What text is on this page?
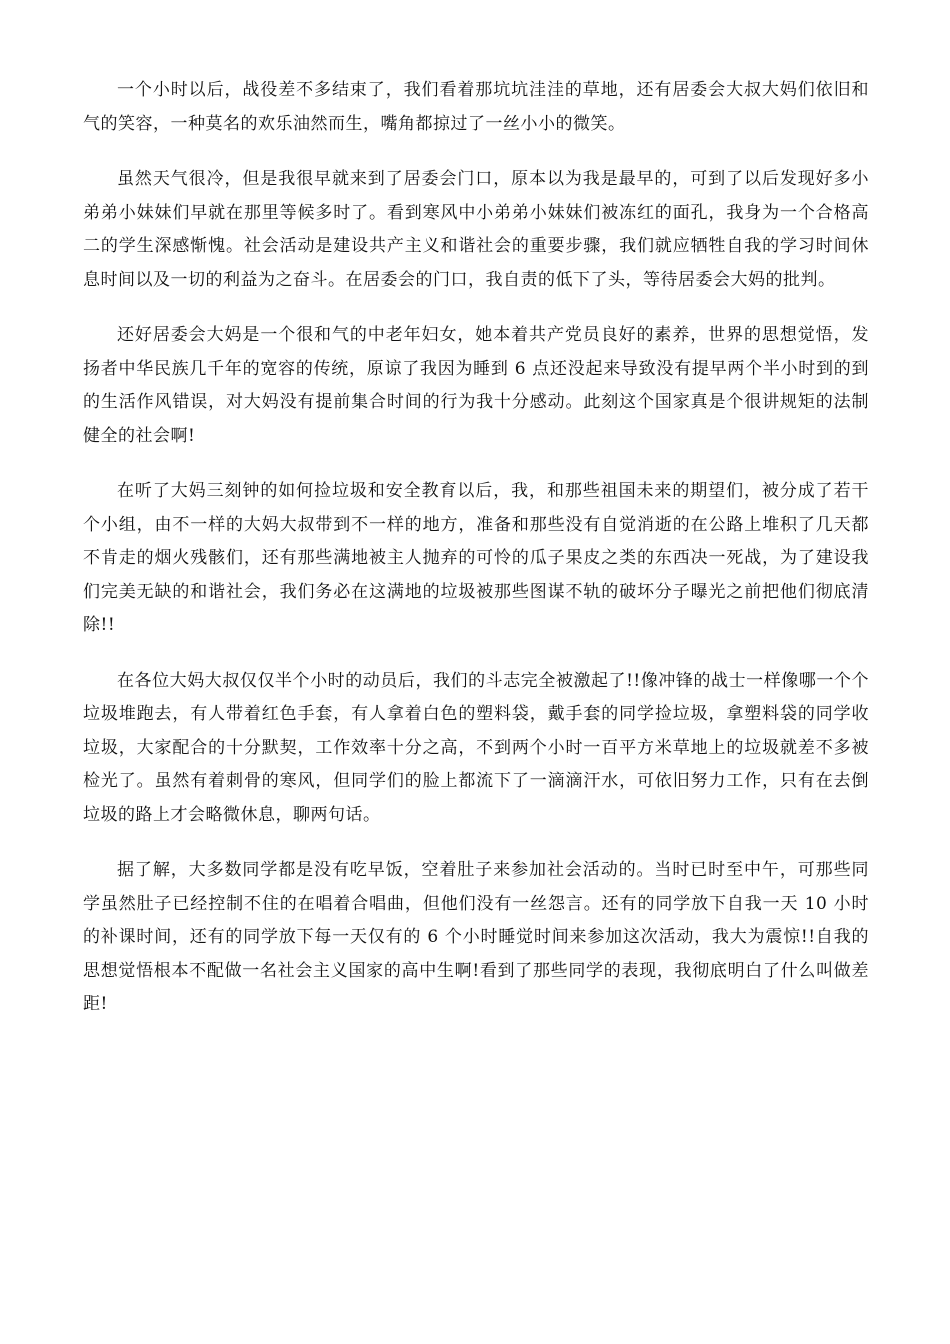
一个小时以后，战役差不多结束了，我们看着那坑坑洼洼的草地，还有居委会大叔大妈们依旧和气的笑容，一种莫名的欢乐油然而生，嘴角都掠过了一丝小小的微笑。

虽然天气很冷，但是我很早就来到了居委会门口，原本以为我是最早的，可到了以后发现好多小弟弟小妹妹们早就在那里等候多时了。看到寒风中小弟弟小妹妹们被冻红的面孔，我身为一个合格高二的学生深感惭愧。社会活动是建设共产主义和谐社会的重要步骤，我们就应牺牲自我的学习时间休息时间以及一切的利益为之奋斗。在居委会的门口，我自责的低下了头，等待居委会大妈的批判。

还好居委会大妈是一个很和气的中老年妇女，她本着共产党员良好的素养，世界的思想觉悟，发扬者中华民族几千年的宽容的传统，原谅了我因为睡到 6 点还没起来导致没有提早两个半小时到的到的生活作风错误，对大妈没有提前集合时间的行为我十分感动。此刻这个国家真是个很讲规矩的法制健全的社会啊!

在听了大妈三刻钟的如何捡垃圾和安全教育以后，我，和那些祖国未来的期望们，被分成了若干个小组，由不一样的大妈大叔带到不一样的地方，准备和那些没有自觉消逝的在公路上堆积了几天都不肯走的烟火残骸们，还有那些满地被主人抛弃的可怜的瓜子果皮之类的东西决一死战，为了建设我们完美无缺的和谐社会，我们务必在这满地的垃圾被那些图谋不轨的破坏分子曝光之前把他们彻底清除!!

在各位大妈大叔仅仅半个小时的动员后，我们的斗志完全被激起了!!像冲锋的战士一样像哪一个个垃圾堆跑去，有人带着红色手套，有人拿着白色的塑料袋，戴手套的同学捡垃圾，拿塑料袋的同学收垃圾，大家配合的十分默契，工作效率十分之高，不到两个小时一百平方米草地上的垃圾就差不多被检光了。虽然有着刺骨的寒风，但同学们的脸上都流下了一滴滴汗水，可依旧努力工作，只有在去倒垃圾的路上才会略微休息，聊两句话。

据了解，大多数同学都是没有吃早饭，空着肚子来参加社会活动的。当时已时至中午，可那些同学虽然肚子已经控制不住的在唱着合唱曲，但他们没有一丝怨言。还有的同学放下自我一天 10 小时的补课时间，还有的同学放下每一天仅有的 6 个小时睡觉时间来参加这次活动，我大为震惊!!自我的思想觉悟根本不配做一名社会主义国家的高中生啊!看到了那些同学的表现，我彻底明白了什么叫做差距!
